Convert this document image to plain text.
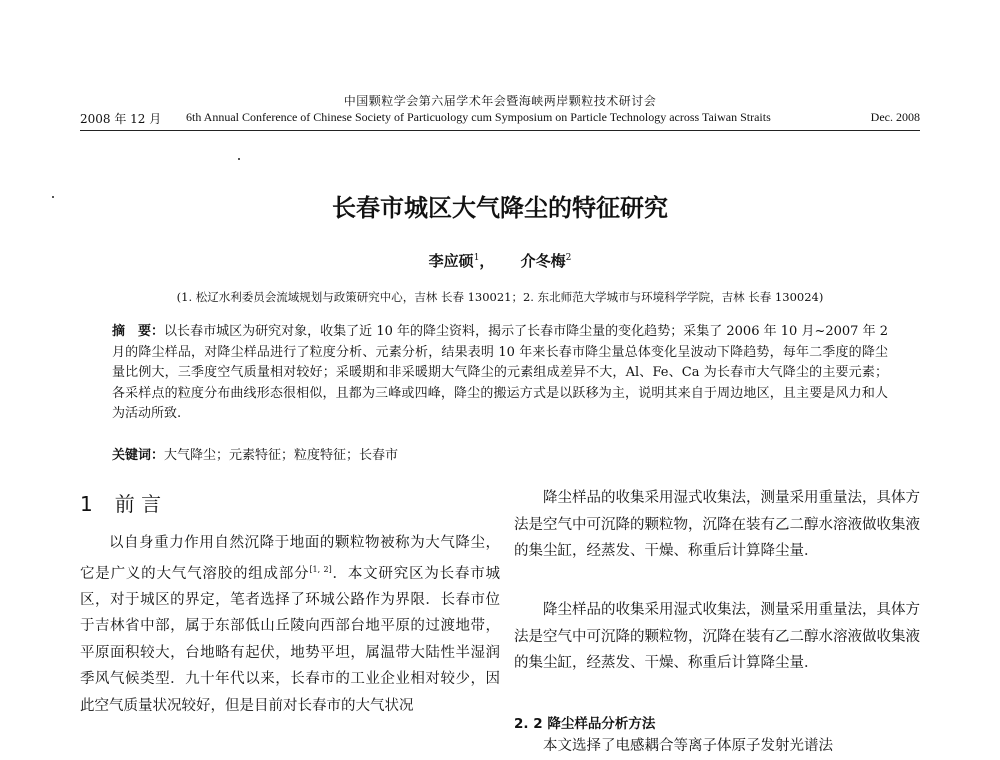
中国颗粒学会第六届学术年会暨海峡两岸颗粒技术研讨会
2008 年 12 月 6th Annual Conference of Chinese Society of Particuology cum Symposium on Particle Technology across Taiwan Straits	Dec. 2008
长春市城区大气降尘的特征研究
李应硕$^1$， 介冬梅$^2$
(1. 松辽水利委员会流域规划与政策研究中心，吉林 长春 130021；2. 东北师范大学城市与环境科学学院，吉林 长春 130024)
摘　要：以长春市城区为研究对象，收集了近 10 年的降尘资料，揭示了长春市降尘量的变化趋势；采集了 2006 年 10 月~2007 年 2 月的降尘样品，对降尘样品进行了粒度分析、元素分析，结果表明 10 年来长春市降尘量总体变化呈波动下降趋势，每年二季度的降尘量比例大，三季度空气质量相对较好；采暖期和非采暖期大气降尘的元素组成差异不大，Al、Fe、Ca 为长春市大气降尘的主要元素；各采样点的粒度分布曲线形态很相似，且都为三峰或四峰，降尘的搬运方式是以跃移为主，说明其来自于周边地区，且主要是风力和人为活动所致.
关键词：大气降尘；元素特征；粒度特征；长春市
1 前 言

以自身重力作用自然沉降于地面的颗粒物被称为大气降尘，它是广义的大气气溶胶的组成部分[1, 2]．本文研究区为长春市城区，对于城区的界定，笔者选择了环城公路作为界限．长春市位于吉林省中部，属于东部低山丘陵向西部台地平原的过渡地带，平原面积较大，台地略有起伏，地势平坦，属温带大陆性半湿润季风气候类型．九十年代以来，长春市的工业企业相对较少，因此空气质量状况较好，但是目前对长春市的大气状况

降尘样品的收集采用湿式收集法，测量采用重量法，具体方法是空气中可沉降的颗粒物，沉降在装有乙二醇水溶液做收集液的集尘缸，经蒸发、干燥、称重后计算降尘量．

降尘样品的收集采用湿式收集法，测量采用重量法，具体方法是空气中可沉降的颗粒物，沉降在装有乙二醇水溶液做收集液的集尘缸，经蒸发、干燥、称重后计算降尘量．

2. 2 降尘样品分析方法

本文选择了电感耦合等离子体原子发射光谱法
